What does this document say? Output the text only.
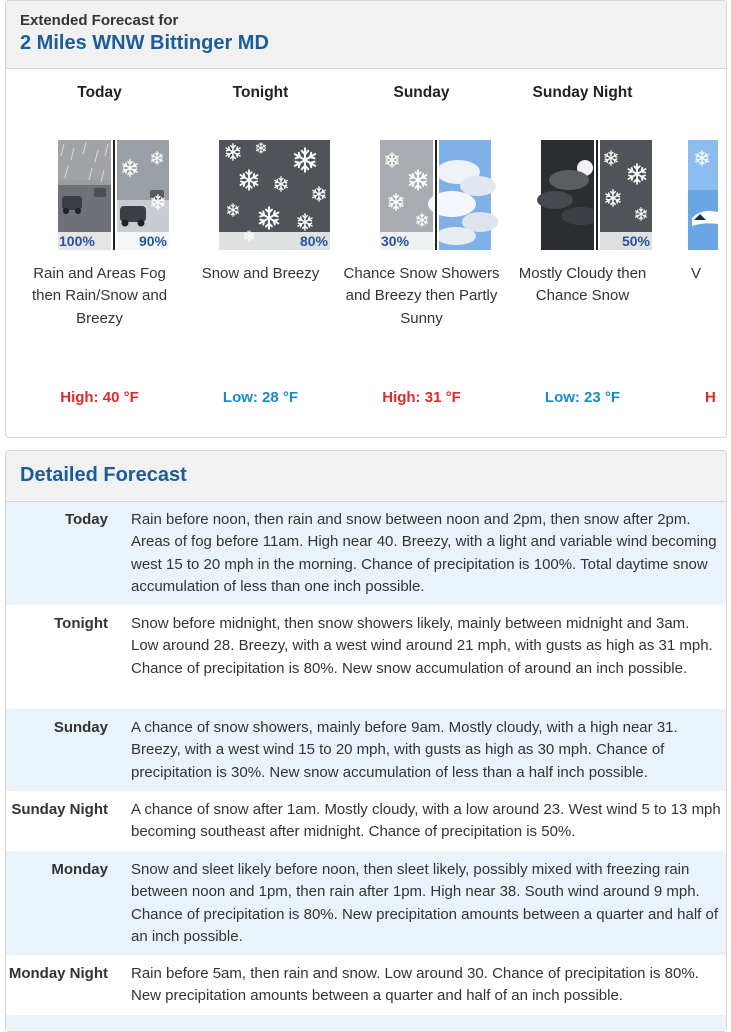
Extended Forecast for
2 Miles WNW Bittinger MD
Today
100%	90%
Rain and Areas Fog then Rain/Snow and Breezy
High: 40 °F
Tonight
80%
Snow and Breezy
Low: 28 °F
Sunday
30%
Chance Snow Showers and Breezy then Partly Sunny
High: 31 °F
Sunday Night
50%
Mostly Cloudy then Chance Snow
Low: 23 °F
V
H
Detailed Forecast
Today Rain before noon, then rain and snow between noon and 2pm, then snow after 2pm. Areas of fog before 11am. High near 40. Breezy, with a light and variable wind becoming west 15 to 20 mph in the morning. Chance of precipitation is 100%. Total daytime snow accumulation of less than one inch possible.
Tonight Snow before midnight, then snow showers likely, mainly between midnight and 3am. Low around 28. Breezy, with a west wind around 21 mph, with gusts as high as 31 mph. Chance of precipitation is 80%. New snow accumulation of around an inch possible.
Sunday A chance of snow showers, mainly before 9am. Mostly cloudy, with a high near 31. Breezy, with a west wind 15 to 20 mph, with gusts as high as 30 mph. Chance of precipitation is 30%. New snow accumulation of less than a half inch possible.
Sunday Night A chance of snow after 1am. Mostly cloudy, with a low around 23. West wind 5 to 13 mph becoming southeast after midnight. Chance of precipitation is 50%.
Monday Snow and sleet likely before noon, then sleet likely, possibly mixed with freezing rain between noon and 1pm, then rain after 1pm. High near 38. South wind around 9 mph. Chance of precipitation is 80%. New precipitation amounts between a quarter and half of an inch possible.
Monday Night Rain before 5am, then rain and snow. Low around 30. Chance of precipitation is 80%. New precipitation amounts between a quarter and half of an inch possible.
